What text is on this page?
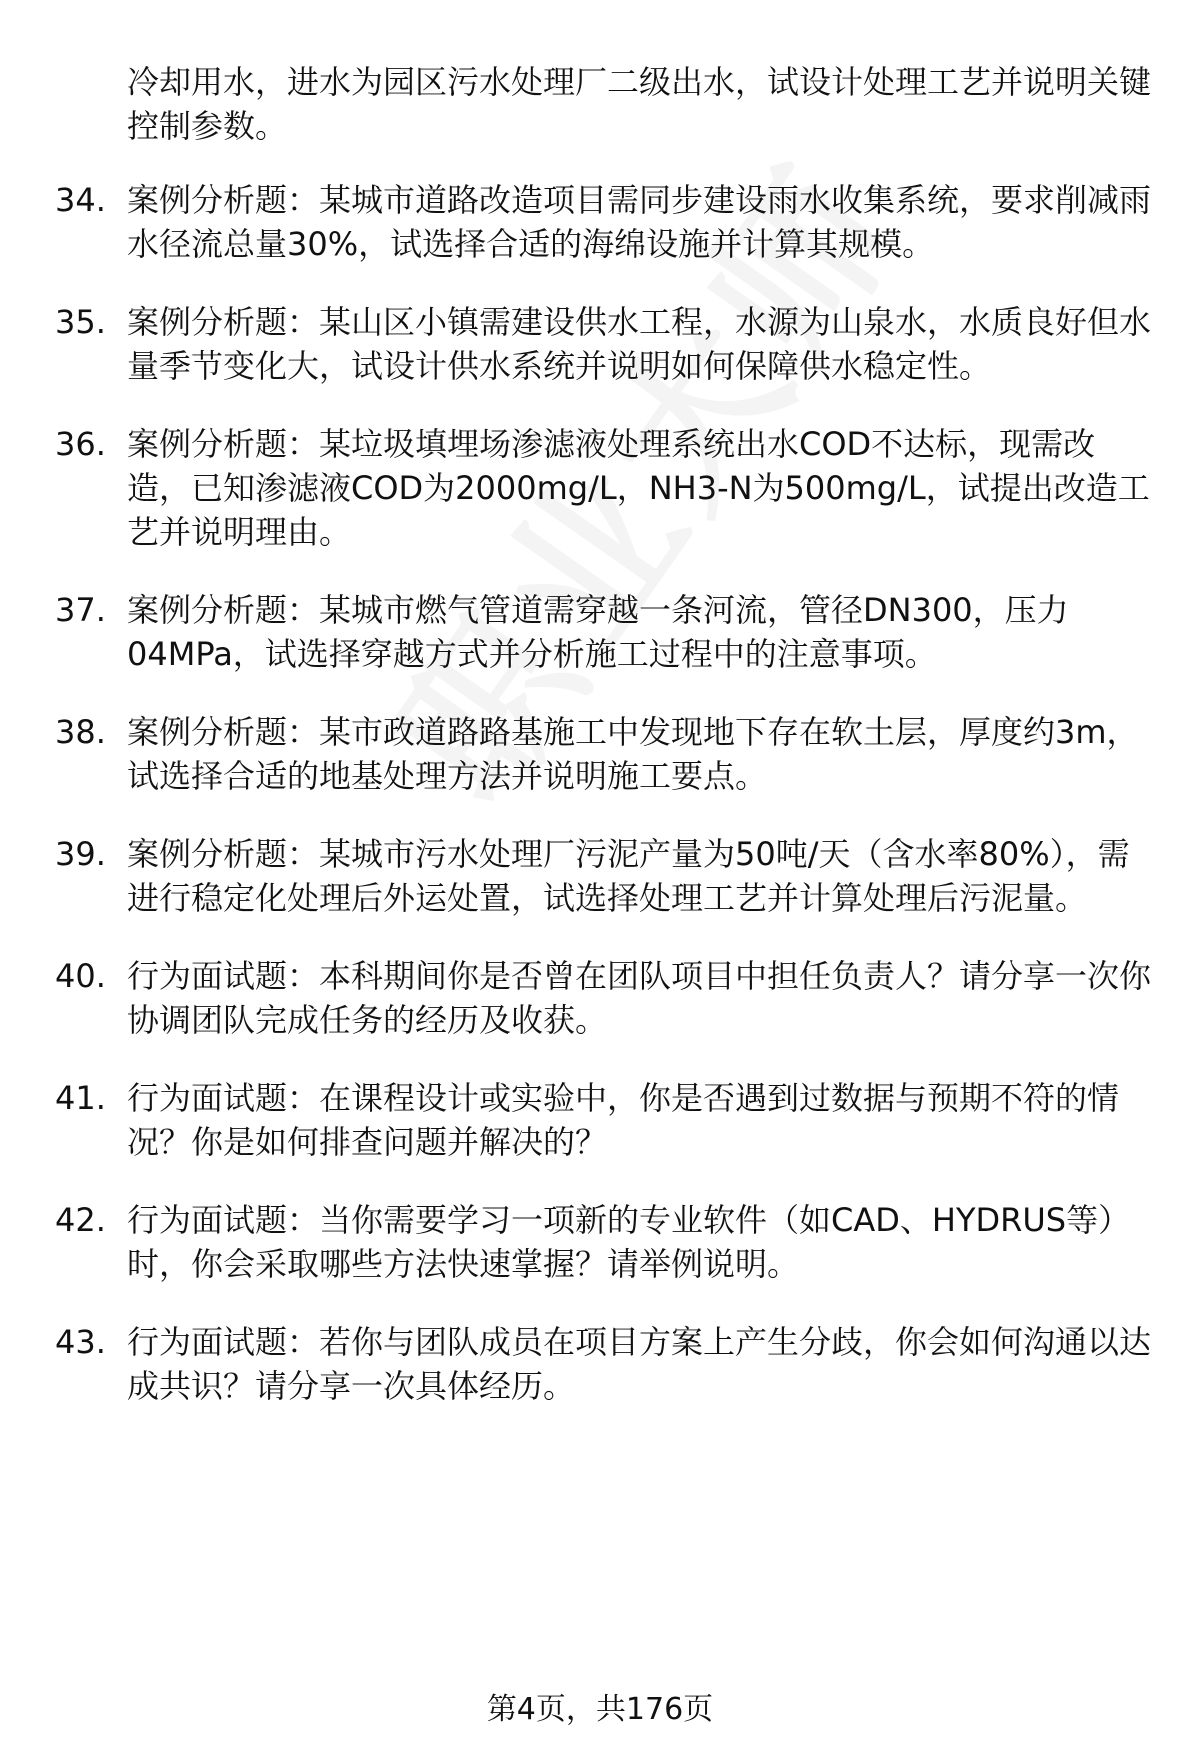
冷却用水，进水为园区污水处理厂二级出水，试设计处理工艺并说明关键控制参数。
34. 案例分析题：某城市道路改造项目需同步建设雨水收集系统，要求削减雨水径流总量30%，试选择合适的海绵设施并计算其规模。
35. 案例分析题：某山区小镇需建设供水工程，水源为山泉水，水质良好但水量季节变化大，试设计供水系统并说明如何保障供水稳定性。
36. 案例分析题：某垃圾填埋场渗滤液处理系统出水COD不达标，现需改造，已知渗滤液COD为2000mg/L，NH3-N为500mg/L，试提出改造工艺并说明理由。
37. 案例分析题：某城市燃气管道需穿越一条河流，管径DN300，压力04MPa，试选择穿越方式并分析施工过程中的注意事项。
38. 案例分析题：某市政道路路基施工中发现地下存在软土层，厚度约3m，试选择合适的地基处理方法并说明施工要点。
39. 案例分析题：某城市污水处理厂污泥产量为50吨/天（含水率80%），需进行稳定化处理后外运处置，试选择处理工艺并计算处理后污泥量。
40. 行为面试题：本科期间你是否曾在团队项目中担任负责人？请分享一次你协调团队完成任务的经历及收获。
41. 行为面试题：在课程设计或实验中，你是否遇到过数据与预期不符的情况？你是如何排查问题并解决的？
42. 行为面试题：当你需要学习一项新的专业软件（如CAD、HYDRUS等）时，你会采取哪些方法快速掌握？请举例说明。
43. 行为面试题：若你与团队成员在项目方案上产生分歧，你会如何沟通以达成共识？请分享一次具体经历。
第4页，共176页
